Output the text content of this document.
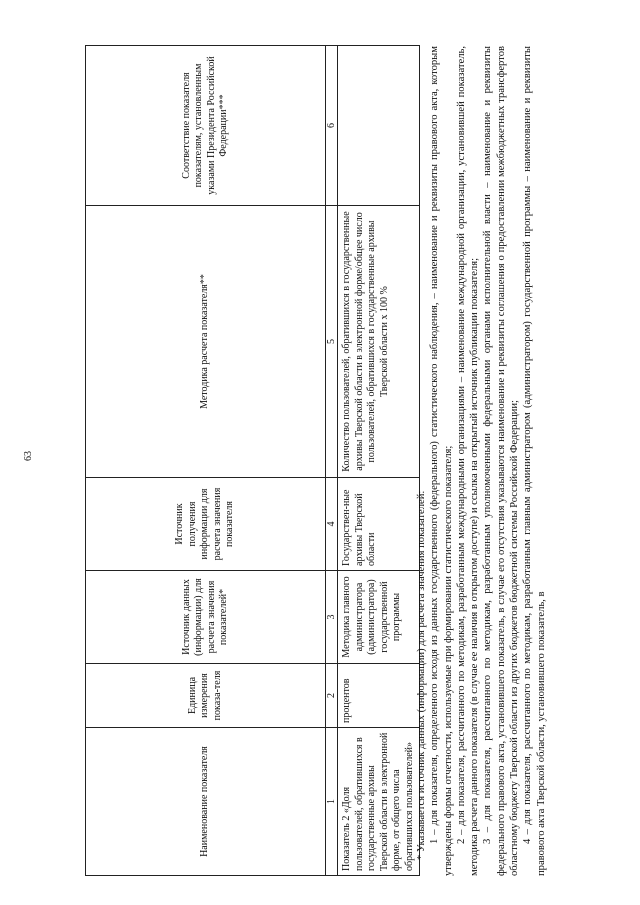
63
Наименование показателя	Единица измерения показа-теля	Источник данных (информации) для расчета значения показателей*	Источник получения информации для расчета значения показателя	Методика расчета показателя**	Соответствие показателя показателям, установленным указами Президента Российской Федерации***
1	2	3	4	5	6
Показатель 2 «Доля пользователей, обратившихся в государственные архивы Тверской области в электронной форме, от общего числа обратившихся пользователей»	процентов	Методика главного администратора (администратора) государственной программы	Государствен-ные архивы Тверской области	Количество пользователей, обратившихся в государственные архивы Тверской области в электронной форме/общее число пользователей, обратившихся в государственные архивы Тверской области х 100 %	

* Указывается источник данных (информации) для расчета значения показателей: 1 – для показателя, определенного исходя из данных государственного (федерального) статистического наблюдения, – наименование и реквизиты правового акта, которым утверждены формы отчетности, используемые при формировании статистического показателя; 2 – для показателя, рассчитанного по методикам, разработанным международными организациями – наименование международной организации, установившей показатель, методика расчета данного показателя (в случае ее наличия в открытом доступе) и ссылка на открытый источник публикации показателя; 3 – для показателя, рассчитанного по методикам, разработанным уполномоченными федеральными органами исполнительной власти – наименование и реквизиты федерального правового акта, установившего показатель, в случае его отсутствия указываются наименование и реквизиты соглашения о предоставлении межбюджетных трансфертов областному бюджету Тверской области из других бюджетов бюджетной системы Российской Федерации; 4 – для показателя, рассчитанного по методикам, разработанным главным администратором (администратором) государственной программы – наименование и реквизиты правового акта Тверской области, установившего показатель, в
